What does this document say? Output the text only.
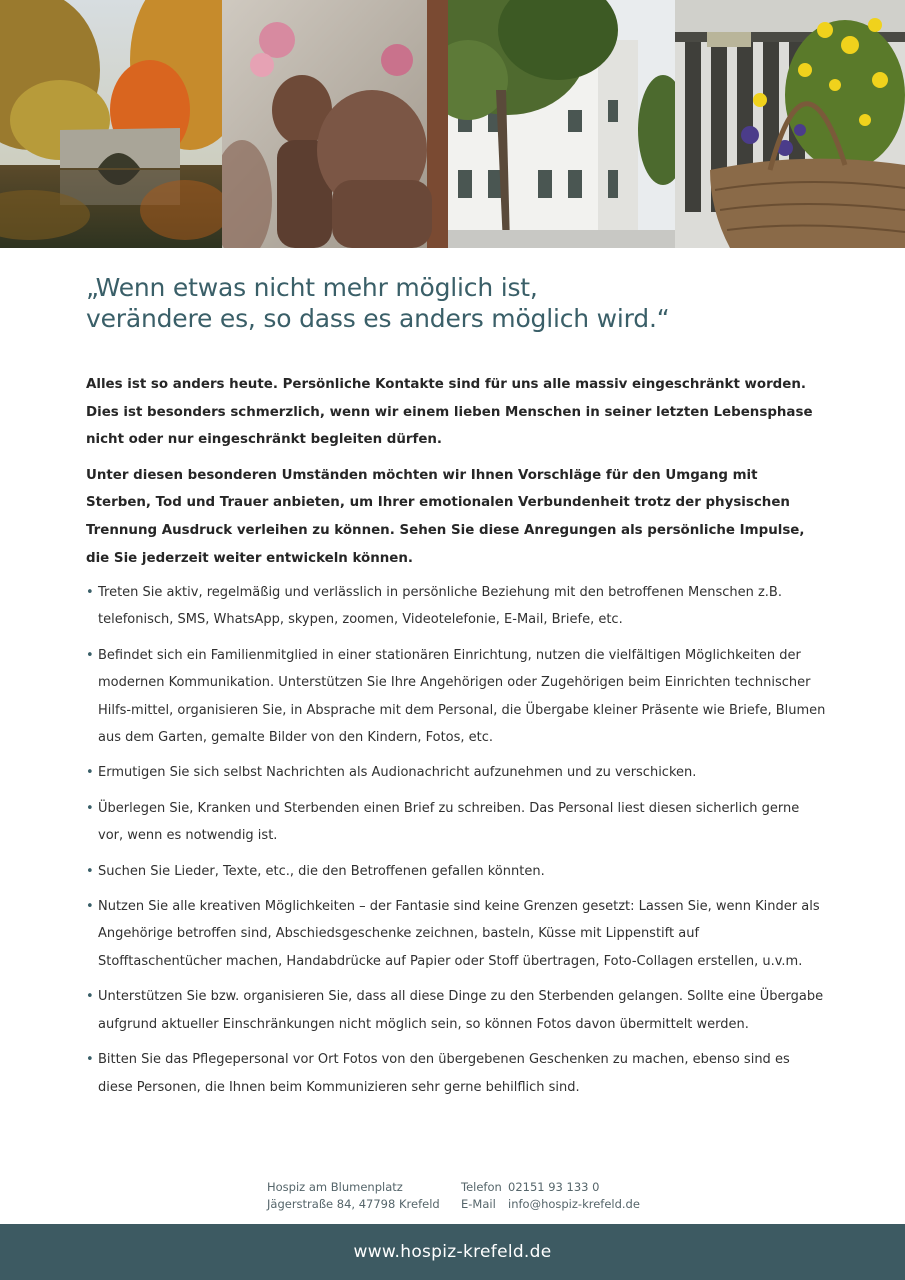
„Wenn etwas nicht mehr möglich ist,
verändere es, so dass es anders möglich wird.“

Alles ist so anders heute. Persönliche Kontakte sind für uns alle massiv eingeschränkt worden. Dies ist besonders schmerzlich, wenn wir einem lieben Menschen in seiner letzten Lebensphase nicht oder nur eingeschränkt begleiten dürfen.

Unter diesen besonderen Umständen möchten wir Ihnen Vorschläge für den Umgang mit Sterben, Tod und Trauer anbieten, um Ihrer emotionalen Verbundenheit trotz der physischen Trennung Ausdruck verleihen zu können. Sehen Sie diese Anregungen als persönliche Impulse, die Sie jederzeit weiter entwickeln können.

• Treten Sie aktiv, regelmäßig und verlässlich in persönliche Beziehung mit den betroffenen Menschen z.B. telefonisch, SMS, WhatsApp, skypen, zoomen, Videotelefonie, E-Mail, Briefe, etc.
• Befindet sich ein Familienmitglied in einer stationären Einrichtung, nutzen die vielfältigen Möglichkeiten der modernen Kommunikation. Unterstützen Sie Ihre Angehörigen oder Zugehörigen beim Einrichten technischer Hilfs-mittel, organisieren Sie, in Absprache mit dem Personal, die Übergabe kleiner Präsente wie Briefe, Blumen aus dem Garten, gemalte Bilder von den Kindern, Fotos, etc.
• Ermutigen Sie sich selbst Nachrichten als Audionachricht aufzunehmen und zu verschicken.
• Überlegen Sie, Kranken und Sterbenden einen Brief zu schreiben. Das Personal liest diesen sicherlich gerne vor, wenn es notwendig ist.
• Suchen Sie Lieder, Texte, etc., die den Betroffenen gefallen könnten.
• Nutzen Sie alle kreativen Möglichkeiten – der Fantasie sind keine Grenzen gesetzt: Lassen Sie, wenn Kinder als Angehörige betroffen sind, Abschiedsgeschenke zeichnen, basteln, Küsse mit Lippenstift auf Stofftaschentücher machen, Handabdrücke auf Papier oder Stoff übertragen, Foto-Collagen erstellen, u.v.m.
• Unterstützen Sie bzw. organisieren Sie, dass all diese Dinge zu den Sterbenden gelangen. Sollte eine Übergabe aufgrund aktueller Einschränkungen nicht möglich sein, so können Fotos davon übermittelt werden.
• Bitten Sie das Pflegepersonal vor Ort Fotos von den übergebenen Geschenken zu machen, ebenso sind es diese Personen, die Ihnen beim Kommunizieren sehr gerne behilflich sind.
Hospiz am Blumenplatz
Jägerstraße 84, 47798 Krefeld
Telefon 02151 93 133 0
E-Mail info@hospiz-krefeld.de
www.hospiz-krefeld.de
